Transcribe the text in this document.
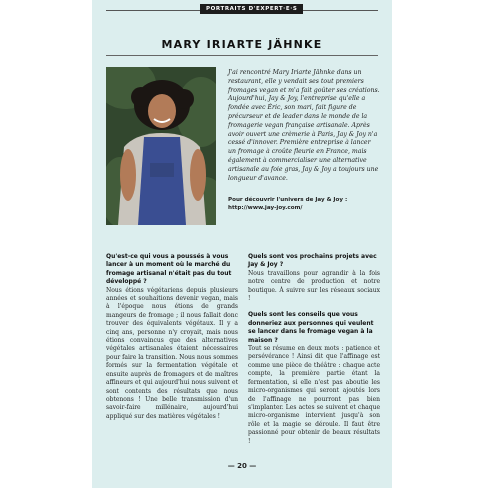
PORTRAITS D'EXPERT·E·S
MARY IRIARTE JÄHNKE
J'ai rencontré Mary Iriarte Jähnke dans un restaurant, elle y vendait ses tout premiers fromages vegan et m'a fait goûter ses créations. Aujourd'hui, Jay & Joy, l'entreprise qu'elle a fondée avec Éric, son mari, fait figure de précurseur et de leader dans le monde de la fromagerie vegan française artisanale. Après avoir ouvert une crèmerie à Paris, Jay & Joy n'a cessé d'innover. Première entreprise à lancer un fromage à croûte fleurie en France, mais également à commercialiser une alternative artisanale au foie gras, Jay & Joy a toujours une longueur d'avance.
Pour découvrir l'univers de Jay & Joy :
http://www.jay-joy.com/

Qu'est-ce qui vous a poussés à vous lancer à un moment où le marché du fromage artisanal n'était pas du tout développé ?

Nous étions végétariens depuis plusieurs années et souhaitions devenir vegan, mais à l'époque nous étions de grands mangeurs de fromage ; il nous fallait donc trouver des équivalents végétaux. Il y a cinq ans, personne n'y croyait, mais nous étions convaincus que des alternatives végétales artisanales étaient nécessaires pour faire la transition. Nous nous sommes formés sur la fermentation végétale et ensuite auprès de fromagers et de maîtres affineurs et qui aujourd'hui nous suivent et sont contents des résultats que nous obtenons ! Une belle transmission d'un savoir-faire millénaire, aujourd'hui appliqué sur des matières végétales !

Quels sont vos prochains projets avec Jay & Joy ?

Nous travaillons pour agrandir à la fois notre centre de production et notre boutique. À suivre sur les réseaux sociaux !

Quels sont les conseils que vous donneriez aux personnes qui veulent se lancer dans le fromage vegan à la maison ?

Tout se résume en deux mots : patience et persévérance ! Ainsi dit que l'affinage est comme une pièce de théâtre : chaque acte compte, la première partie étant la fermentation, si elle n'est pas aboutie les micro-organismes qui seront ajoutés lors de l'affinage ne pourront pas bien s'implanter. Les actes se suivent et chaque micro-organisme intervient jusqu'à son rôle et la magie se déroule. Il faut être passionné pour obtenir de beaux résultats !

— 20 —
